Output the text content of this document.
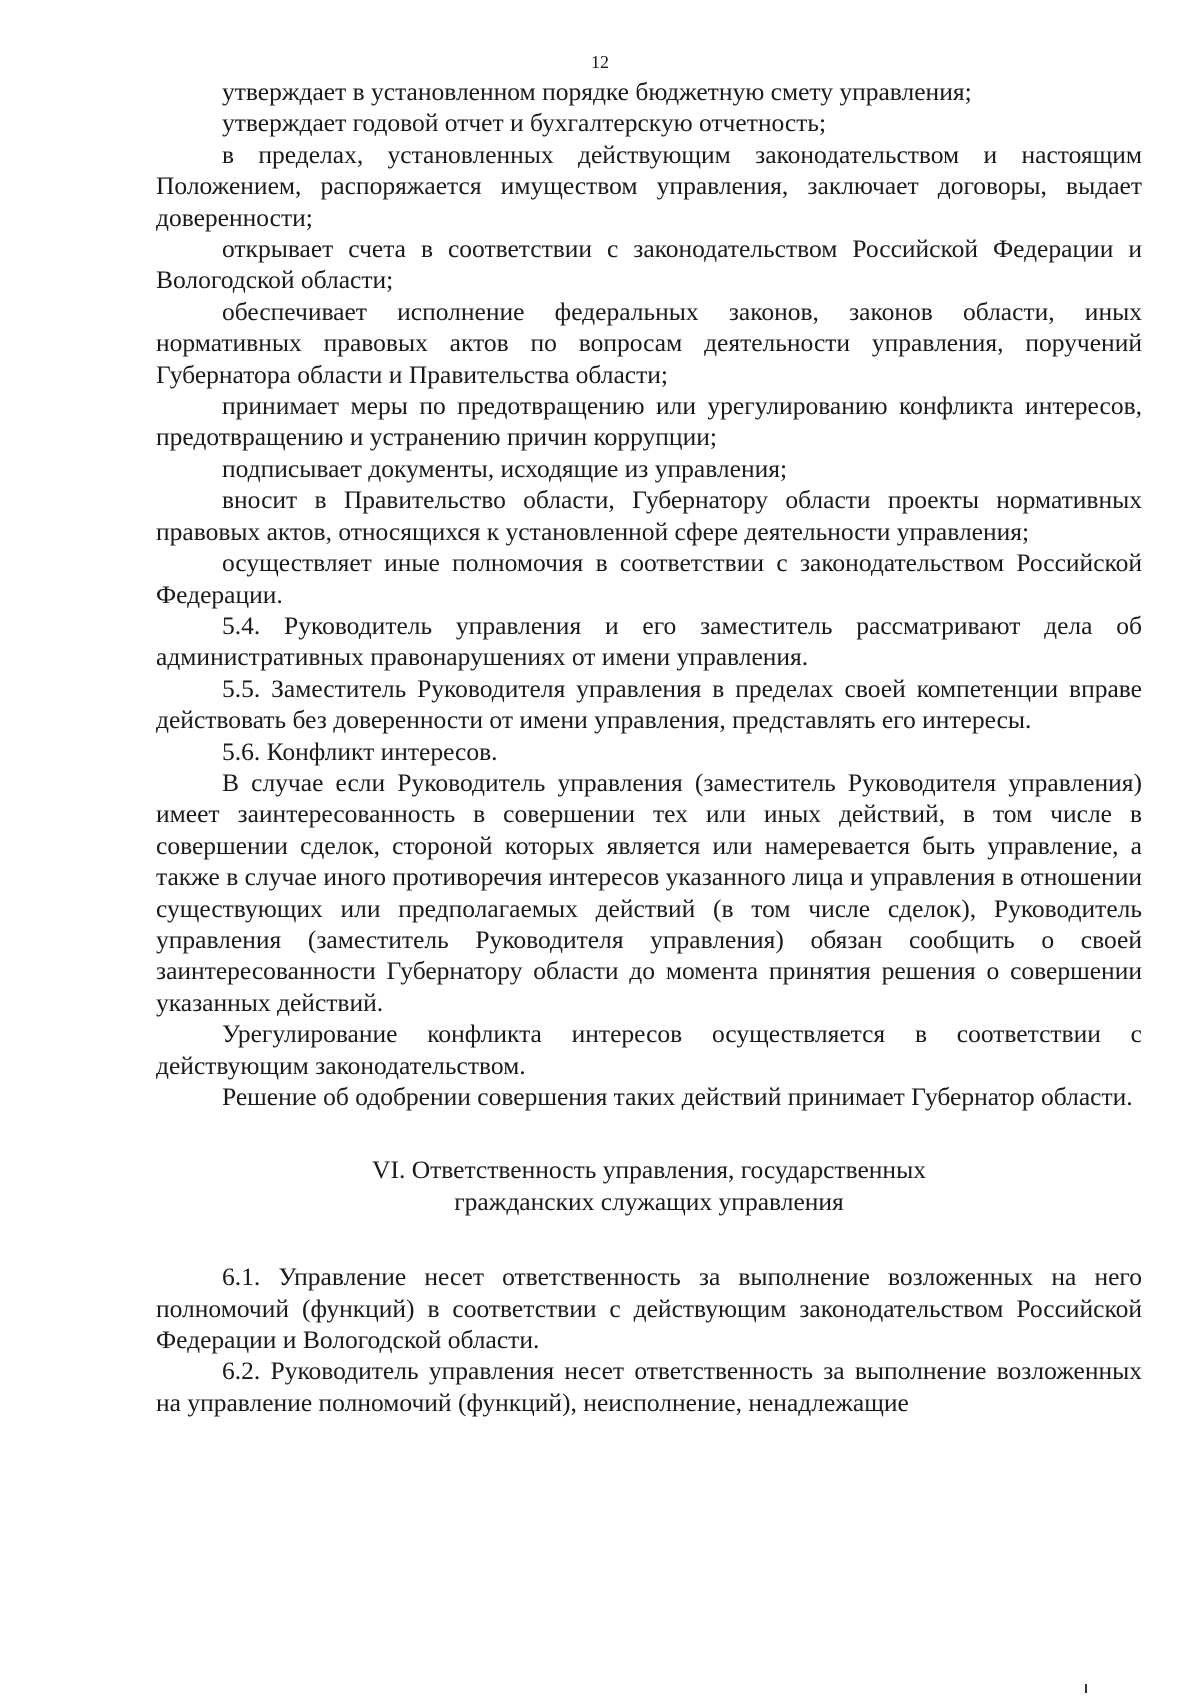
12

утверждает в установленном порядке бюджетную смету управления;

утверждает годовой отчет и бухгалтерскую отчетность;

в пределах, установленных действующим законодательством и настоящим Положением, распоряжается имуществом управления, заключает договоры, выдает доверенности;

открывает счета в соответствии с законодательством Российской Федерации и Вологодской области;

обеспечивает исполнение федеральных законов, законов области, иных нормативных правовых актов по вопросам деятельности управления, поручений Губернатора области и Правительства области;

принимает меры по предотвращению или урегулированию конфликта интересов, предотвращению и устранению причин коррупции;

подписывает документы, исходящие из управления;

вносит в Правительство области, Губернатору области проекты нормативных правовых актов, относящихся к установленной сфере деятельности управления;

осуществляет иные полномочия в соответствии с законодательством Российской Федерации.

5.4. Руководитель управления и его заместитель рассматривают дела об административных правонарушениях от имени управления.

5.5. Заместитель Руководителя управления в пределах своей компетенции вправе действовать без доверенности от имени управления, представлять его интересы.

5.6. Конфликт интересов.

В случае если Руководитель управления (заместитель Руководителя управления) имеет заинтересованность в совершении тех или иных действий, в том числе в совершении сделок, стороной которых является или намеревается быть управление, а также в случае иного противоречия интересов указанного лица и управления в отношении существующих или предполагаемых действий (в том числе сделок), Руководитель управления (заместитель Руководителя управления) обязан сообщить о своей заинтересованности Губернатору области до момента принятия решения о совершении указанных действий.

Урегулирование конфликта интересов осуществляется в соответствии с действующим законодательством.

Решение об одобрении совершения таких действий принимает Губернатор области.

VI. Ответственность управления, государственных
гражданских служащих управления

6.1. Управление несет ответственность за выполнение возложенных на него полномочий (функций) в соответствии с действующим законодательством Российской Федерации и Вологодской области.

6.2. Руководитель управления несет ответственность за выполнение возложенных на управление полномочий (функций), неисполнение, ненадлежащие
